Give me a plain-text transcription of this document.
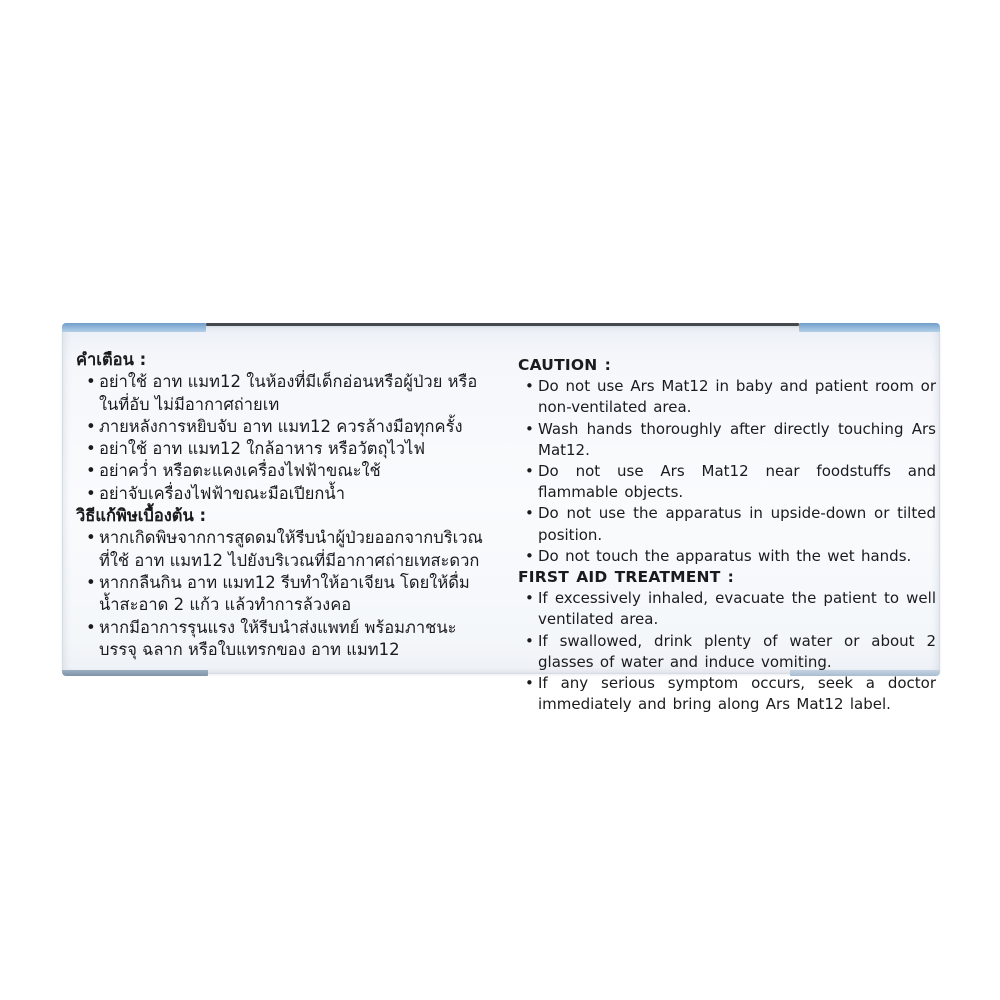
คำเตือน :
• อย่าใช้ อาท แมท12 ในห้องที่มีเด็กอ่อนหรือผู้ป่วย หรือในที่อับ ไม่มีอากาศถ่ายเท
• ภายหลังการหยิบจับ อาท แมท12 ควรล้างมือทุกครั้ง
• อย่าใช้ อาท แมท12 ใกล้อาหาร หรือวัตถุไวไฟ
• อย่าคว่ำ หรือตะแคงเครื่องไฟฟ้าขณะใช้
• อย่าจับเครื่องไฟฟ้าขณะมือเปียกน้ำ
วิธีแก้พิษเบื้องต้น :
• หากเกิดพิษจากการสูดดมให้รีบนำผู้ป่วยออกจากบริเวณที่ใช้ อาท แมท12 ไปยังบริเวณที่มีอากาศถ่ายเทสะดวก
• หากกลืนกิน อาท แมท12 รีบทำให้อาเจียน โดยให้ดื่มน้ำสะอาด 2 แก้ว แล้วทำการล้วงคอ
• หากมีอาการรุนแรง ให้รีบนำส่งแพทย์ พร้อมภาชนะบรรจุ ฉลาก หรือใบแทรกของ อาท แมท12
CAUTION :
• Do not use Ars Mat12 in baby and patient room or non-ventilated area.
• Wash hands thoroughly after directly touching Ars Mat12.
• Do not use Ars Mat12 near foodstuffs and flammable objects.
• Do not use the apparatus in upside-down or tilted position.
• Do not touch the apparatus with the wet hands.
FIRST AID TREATMENT :
• If excessively inhaled, evacuate the patient to well ventilated area.
• If swallowed, drink plenty of water or about 2 glasses of water and induce vomiting.
• If any serious symptom occurs, seek a doctor immediately and bring along Ars Mat12 label.
